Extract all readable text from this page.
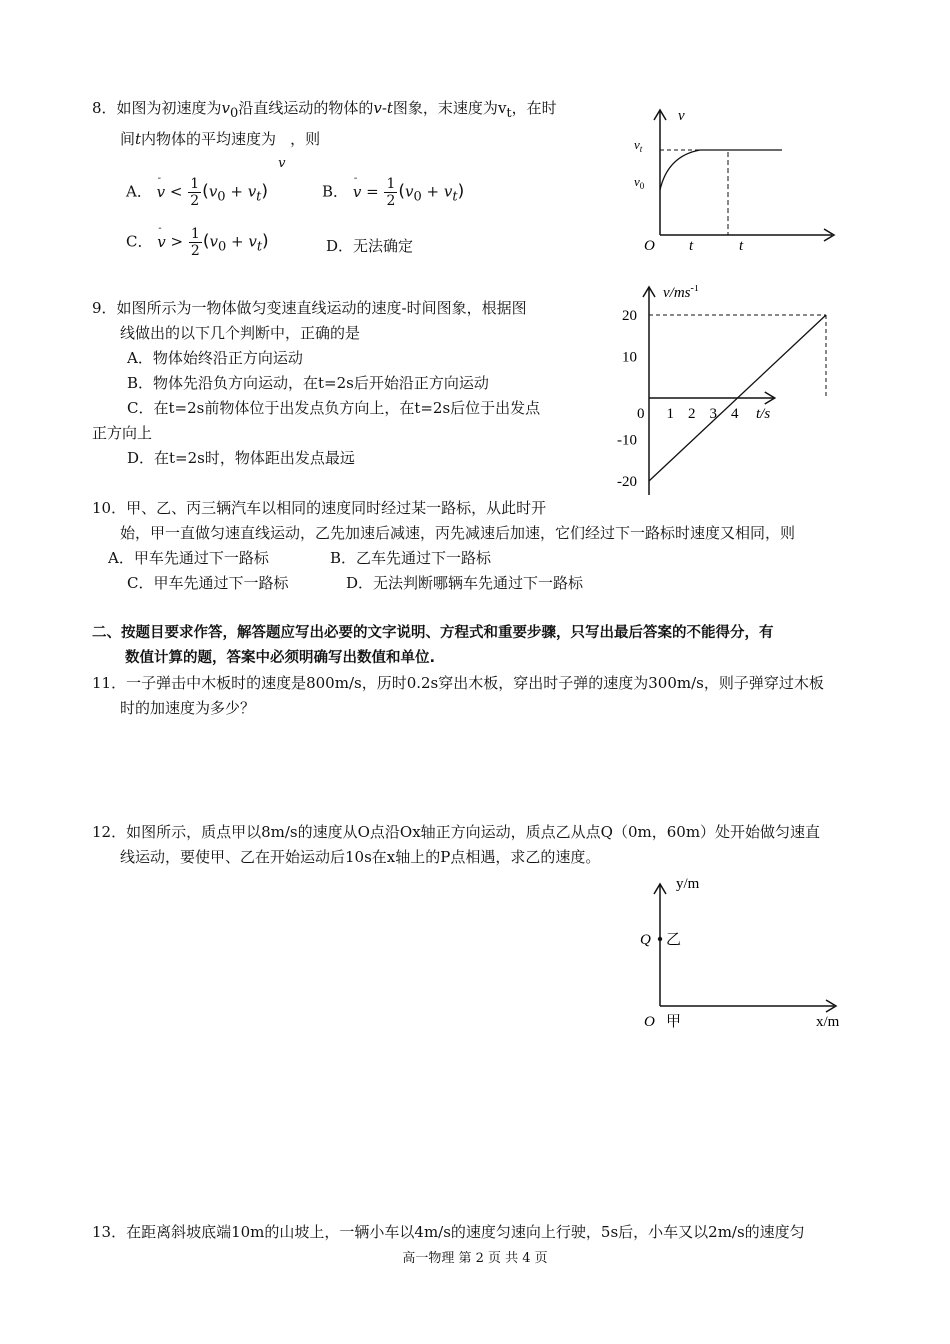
8．如图为初速度为$v_0$沿直线运动的物体的v-t图象，末速度为$v_t$，在时
间t内物体的平均速度为
v
，则
A．
-
$v < \frac{1}{2} (v_0 + v_t)$	B．
-
$v = \frac{1}{2} (v_0 + v_t)$
C．
-
$v > \frac{1}{2} (v_0 + v_t)$	D．无法确定
v
$v_t$
$v_0$
O t	t
9．如图所示为一物体做匀变速直线运动的速度-时间图象，根据图
线做出的以下几个判断中，正确的是
A．物体始终沿正方向运动
B．物体先沿负方向运动，在t=2s后开始沿正方向运动
C．在t=2s前物体位于出发点负方向上，在t=2s后位于出发点
正方向上
D．在t=2s时，物体距出发点最远
$v/ms^{-1}$
t/s
0 1 2 3 4
20
10
-10
-20
10．甲、乙、丙三辆汽车以相同的速度同时经过某一路标，从此时开
始，甲一直做匀速直线运动，乙先加速后减速，丙先减速后加速，它们经过下一路标时速度又相同，则
A．甲车先通过下一路标	B．乙车先通过下一路标
C．甲车先通过下一路标	D．无法判断哪辆车先通过下一路标
二、按题目要求作答，解答题应写出必要的文字说明、方程式和重要步骤，只写出最后答案的不能得分，有
数值计算的题，答案中必须明确写出数值和单位.
11．一子弹击中木板时的速度是800m/s，历时0.2s穿出木板，穿出时子弹的速度为300m/s，则子弹穿过木板
时的加速度为多少？
12．如图所示，质点甲以8m/s的速度从O点沿Ox轴正方向运动，质点乙从点Q（0m，60m）处开始做匀速直
线运动，要使甲、乙在开始运动后10s在x轴上的P点相遇，求乙的速度。
y/m
Q 乙
O 甲	x/m
13．在距离斜坡底端10m的山坡上，一辆小车以4m/s的速度匀速向上行驶，5s后，小车又以2m/s的速度匀
高一物理 第 2 页 共 4 页
